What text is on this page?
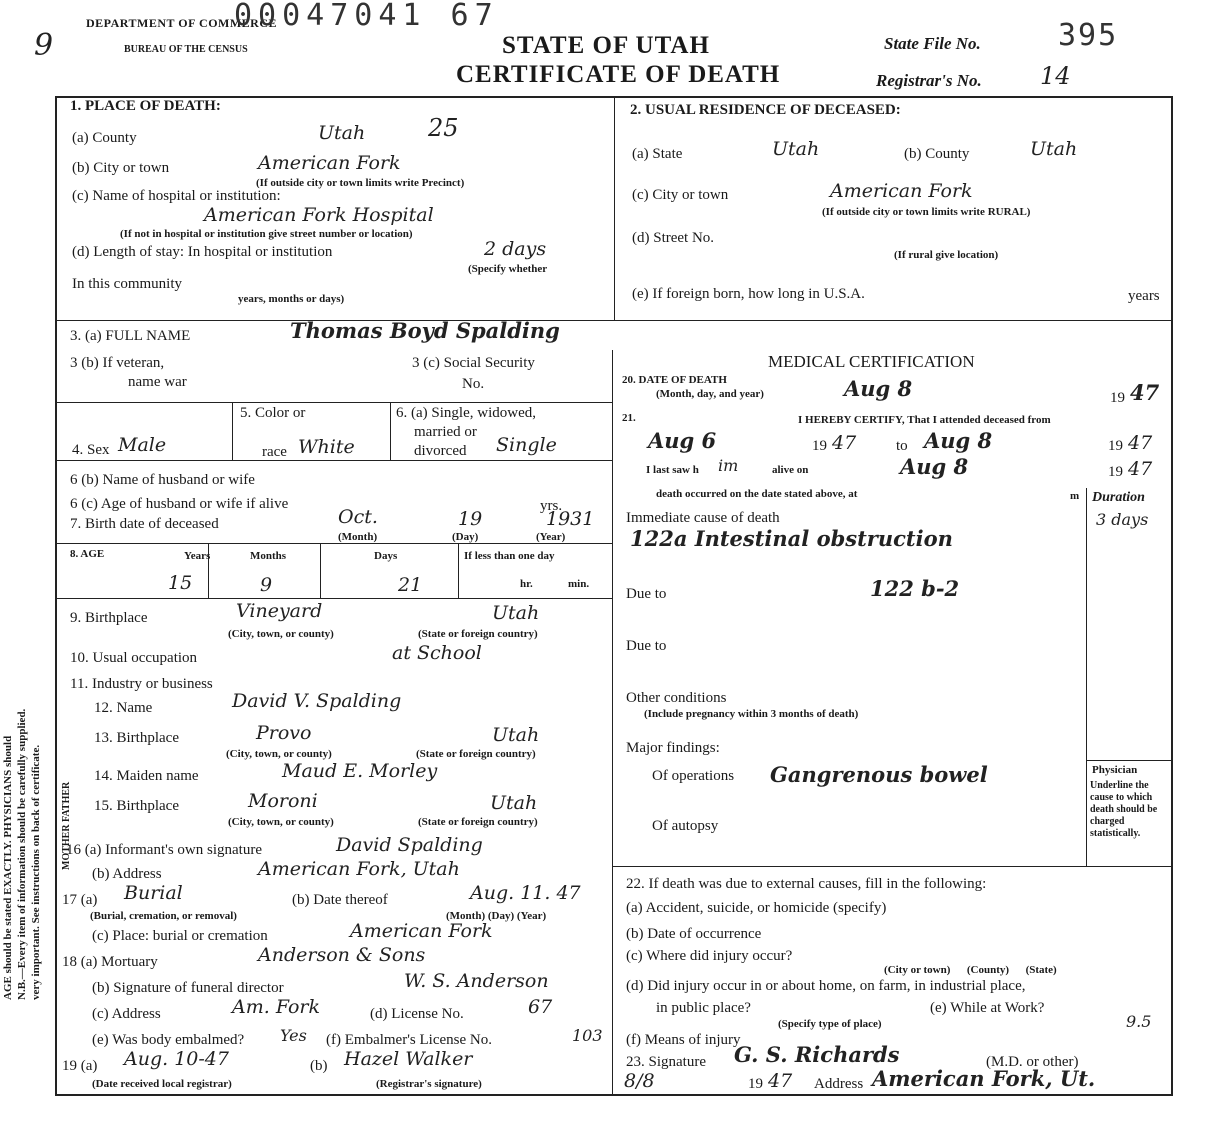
DEPARTMENT OF COMMERCE
BUREAU OF THE CENSUS
00047041 67
STATE OF UTAH
CERTIFICATE OF DEATH
State File No.	395
Registrar's No. 14
9
AGE should be stated EXACTLY. PHYSICIANS should N.B.—Every item of information should be carefully supplied. very important. See instructions on back of certificate. MOTHER FATHER
1. PLACE OF DEATH:
(a) County	Utah	25
(b) City or town	American Fork
(If outside city or town limits write Precinct)
(c) Name of hospital or institution:
American Fork Hospital
(If not in hospital or institution give street number or location)
(d) Length of stay: In hospital or institution	2 days
(Specify whether
In this community
years, months or days)
2. USUAL RESIDENCE OF DECEASED:
(a) State	Utah	(b) County	Utah
(c) City or town	American Fork
(If outside city or town limits write RURAL)
(d) Street No.
(If rural give location)
(e) If foreign born, how long in U.S.A.	years
3. (a) FULL NAME	Thomas Boyd Spalding
3 (b) If veteran,
name war
3 (c) Social Security
No.
4. Sex Male
5. Color or
race White
6. (a) Single, widowed,
married or
divorced Single
6 (b) Name of husband or wife
6 (c) Age of husband or wife if alive	yrs.
7. Birth date of deceased	Oct.	19	1931
(Month)	(Day)	(Year)
8. AGE	Years	Months	Days	If less than one day
15	9	21	hr.	min.
9. Birthplace	Vineyard	Utah
(City, town, or county)	(State or foreign country)
10. Usual occupation	at School
11. Industry or business
12. Name	David V. Spalding
13. Birthplace	Provo	Utah
(City, town, or county)	(State or foreign country)
14. Maiden name	Maud E. Morley
15. Birthplace	Moroni	Utah
(City, town, or county)	(State or foreign country)
16 (a) Informant's own signature	David Spalding
(b) Address	American Fork, Utah
17 (a) Burial
(Burial, cremation, or removal)
(b) Date thereof	Aug. 11. 47
(Month) (Day) (Year)
(c) Place: burial or cremation	American Fork
18 (a) Mortuary	Anderson & Sons
(b) Signature of funeral director	W. S. Anderson
(c) Address	Am. Fork	(d) License No.	67
(e) Was body embalmed? Yes (f) Embalmer's License No.	103
19 (a) Aug. 10-47	(b) Hazel Walker
(Date received local registrar)	(Registrar's signature)
MEDICAL CERTIFICATION
20. DATE OF DEATH
(Month, day, and year)	Aug 8	19 47
21.	I HEREBY CERTIFY, That I attended deceased from
Aug 6	19 47	to Aug 8	19 47
I last saw h im	alive on	Aug 8	19 47
death occurred on the date stated above, at	m Duration
3 days
Immediate cause of death
122a Intestinal obstruction
Due to	122 b-2
Due to
Other conditions
(Include pregnancy within 3 months of death)
Major findings:
Of operations Gangrenous bowel
Of autopsy
Physician
Underline the cause to which death should be charged statistically.
22. If death was due to external causes, fill in the following:
(a) Accident, suicide, or homicide (specify)
(b) Date of occurrence
(c) Where did injury occur?
(City or town)      (County)      (State)
(d) Did injury occur in or about home, on farm, in industrial place,
in public place?	(e) While at Work?
(Specify type of place)	9.5
(f) Means of injury
23. Signature G. S. Richards	(M.D. or other)
8/8	19 47 Address American Fork, Ut.
